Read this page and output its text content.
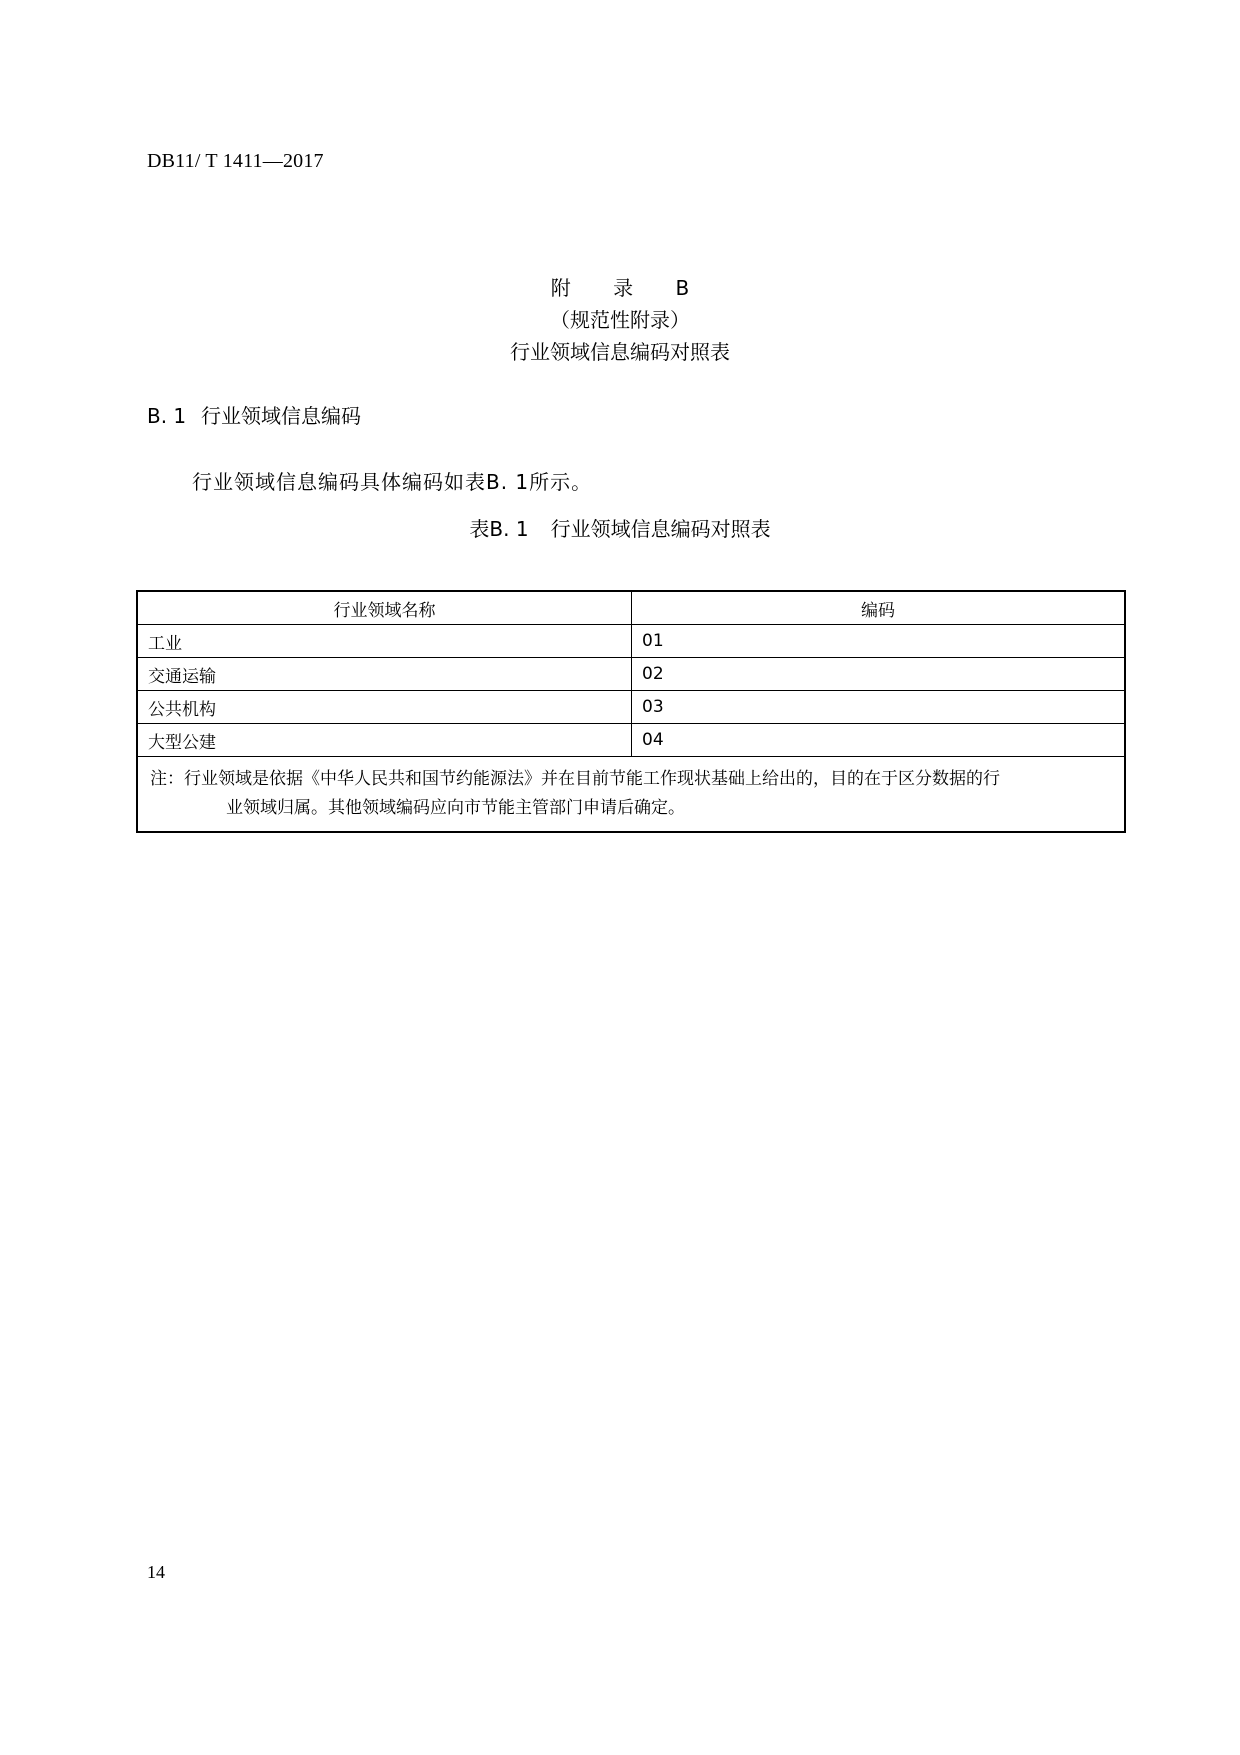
DB11/ T 1411—2017
附 录 B
（规范性附录）
行业领域信息编码对照表
B. 1 行业领域信息编码
行业领域信息编码具体编码如表B. 1所示。
表B. 1 行业领域信息编码对照表
行业领域名称	编码
工业	01
交通运输	02
公共机构	03
大型公建	04

注：行业领域是依据《中华人民共和国节约能源法》并在目前节能工作现状基础上给出的，目的在于区分数据的行
业领域归属。其他领域编码应向市节能主管部门申请后确定。	
14
